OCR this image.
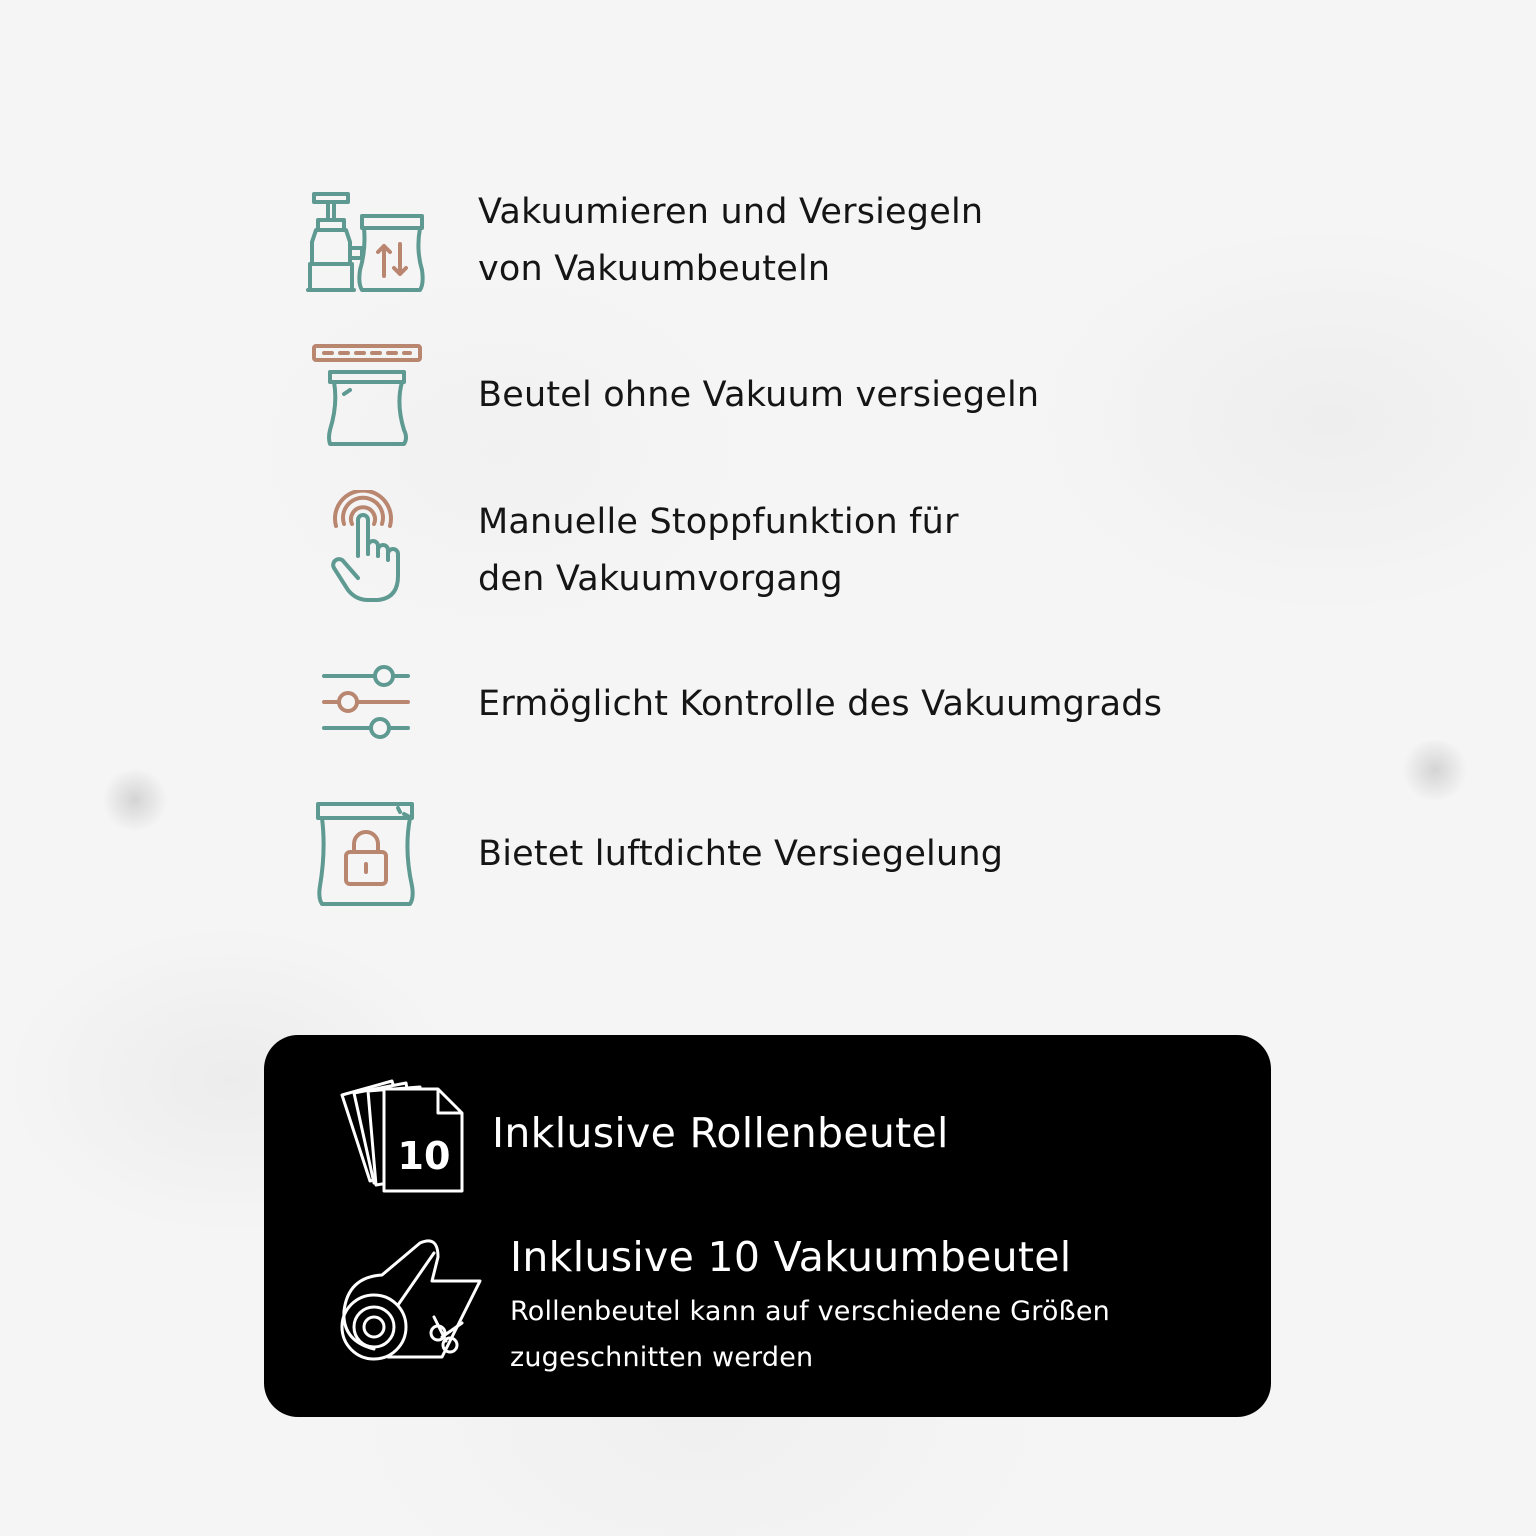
Vakuumieren und Versiegeln
von Vakuumbeuteln
Beutel ohne Vakuum versiegeln
Manuelle Stoppfunktion für
den Vakuumvorgang
Ermöglicht Kontrolle des Vakuumgrads
Bietet luftdichte Versiegelung
10 Inklusive Rollenbeutel
Inklusive 10 Vakuumbeutel
Rollenbeutel kann auf verschiedene Größen
zugeschnitten werden
